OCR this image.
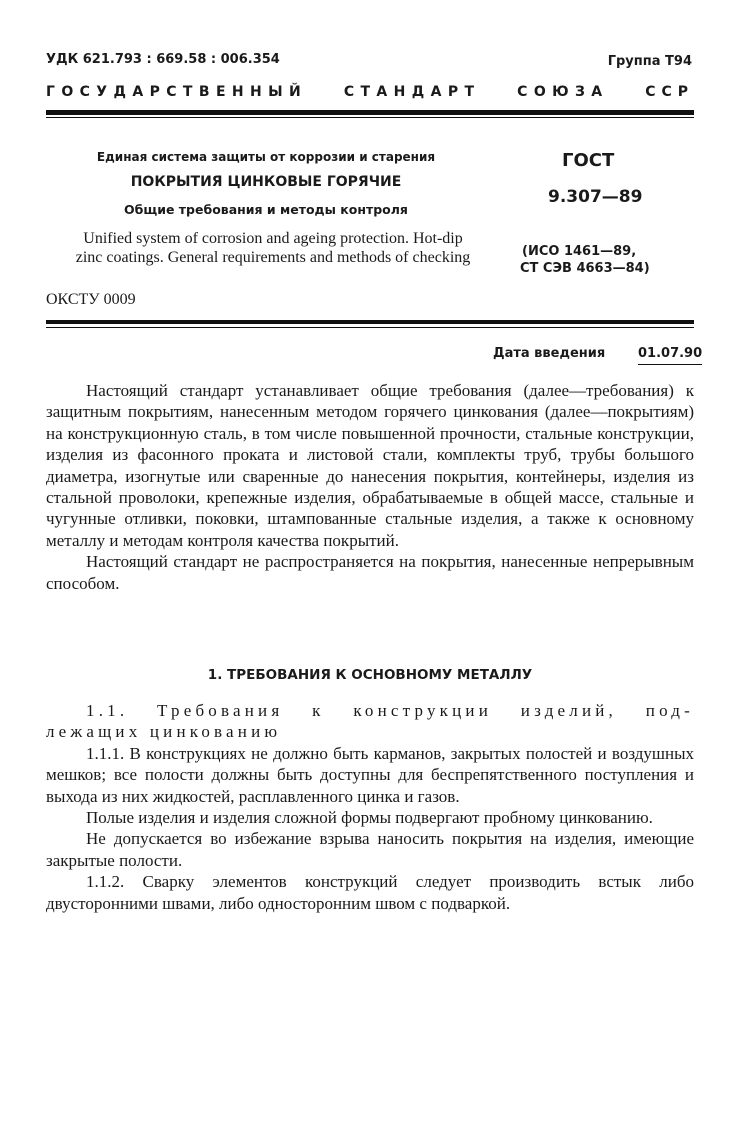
УДК 621.793 : 669.58 : 006.354	Группа Т94
ГОСУДАРСТВЕННЫЙ	СТАНДАРТ	СОЮЗА	ССР
Единая система защиты от коррозии и старения
ПОКРЫТИЯ ЦИНКОВЫЕ ГОРЯЧИЕ
Общие требования и методы контроля
Unified system of corrosion and ageing protection. Hot-dip zinc coatings. General requirements and methods of checking
ОКСТУ 0009
ГОСТ
9.307—89
(ИСО 1461—89,
СТ СЭВ 4663—84)
Дата введения	01.07.90

Настоящий стандарт устанавливает общие требования (далее—требования) к защитным покрытиям, нанесенным методом горячего цинкования (далее—покрытиям) на конструкционную сталь, в том числе повышенной прочности, стальные конструкции, изделия из фасонного проката и листовой стали, комплекты труб, трубы большого диаметра, изогнутые или сваренные до нанесения покрытия, контейнеры, изделия из стальной проволоки, крепежные изделия, обрабатываемые в общей массе, стальные и чугунные отливки, поковки, штампованные стальные изделия, а также к основному металлу и методам контроля качества покрытий.

Настоящий стандарт не распространяется на покрытия, нанесенные непрерывным способом.

1. ТРЕБОВАНИЯ К ОСНОВНОМУ МЕТАЛЛУ

1.1. Требования к конструкции изделий, под-

лежащих цинкованию

1.1.1. В конструкциях не должно быть карманов, закрытых полостей и воздушных мешков; все полости должны быть доступны для беспрепятственного поступления и выхода из них жидкостей, расплавленного цинка и газов.

Полые изделия и изделия сложной формы подвергают пробному цинкованию.

Не допускается во избежание взрыва наносить покрытия на изделия, имеющие закрытые полости.

1.1.2. Сварку элементов конструкций следует производить встык либо двусторонними швами, либо односторонним швом с подваркой.
